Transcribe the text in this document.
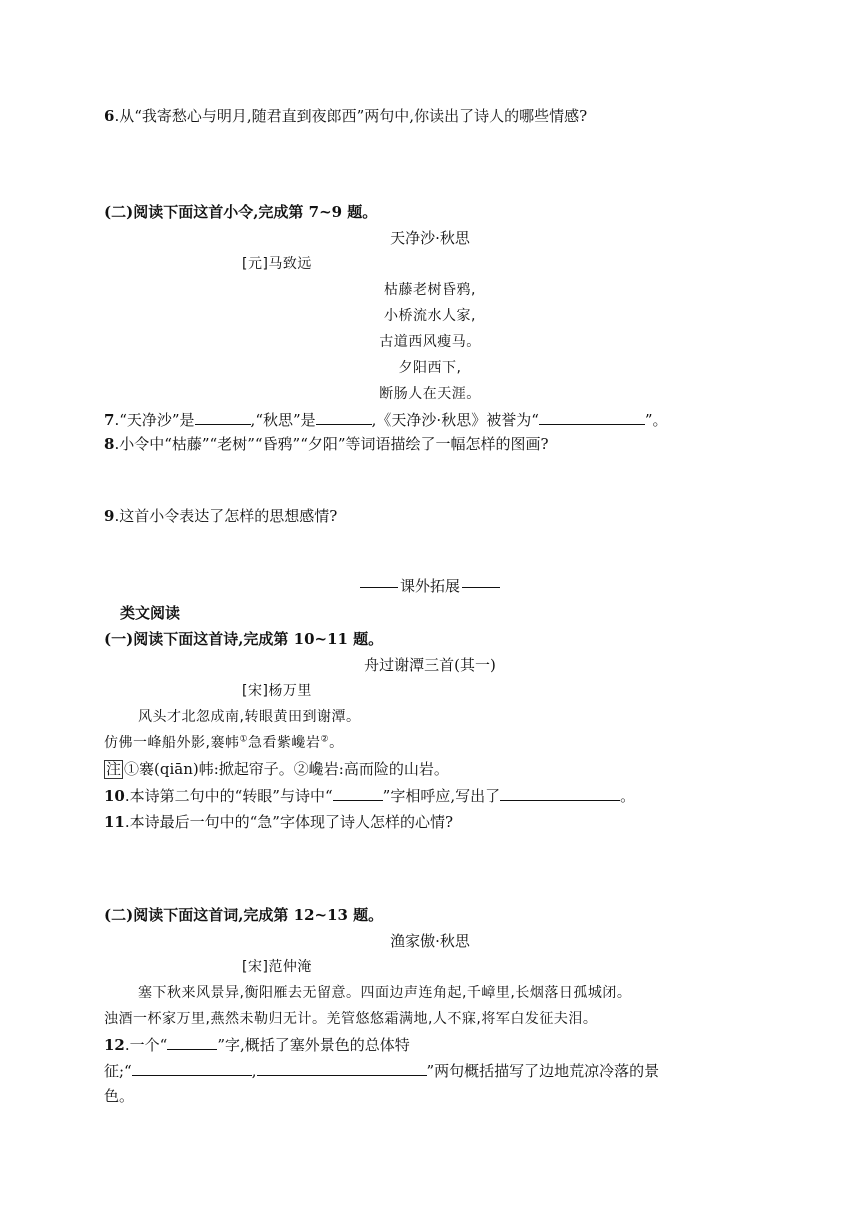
6.从“我寄愁心与明月,随君直到夜郎西”两句中,你读出了诗人的哪些情感?
(二)阅读下面这首小令,完成第 7~9 题。
天净沙·秋思
[元]马致远
枯藤老树昏鸦,
小桥流水人家,
古道西风瘦马。
夕阳西下,
断肠人在天涯。
7.“天净沙”是	,“秋思”是	,《天净沙·秋思》被誉为“	”。
8.小令中“枯藤”“老树”“昏鸦”“夕阳”等词语描绘了一幅怎样的图画?
9.这首小令表达了怎样的思想感情?
课外拓展
类文阅读
(一)阅读下面这首诗,完成第 10~11 题。
舟过谢潭三首(其一)
[宋]杨万里
风头才北忽成南,转眼黄田到谢潭。
仿佛一峰船外影,褰帏①急看紫巉岩②。
注 ①褰(qiān)帏:掀起帘子。②巉岩:高而险的山岩。
10.本诗第二句中的“转眼”与诗中“	”字相呼应,写出了	。
11.本诗最后一句中的“急”字体现了诗人怎样的心情?
(二)阅读下面这首词,完成第 12~13 题。
渔家傲·秋思
[宋]范仲淹
塞下秋来风景异,衡阳雁去无留意。四面边声连角起,千嶂里,长烟落日孤城闭。
浊酒一杯家万里,燕然未勒归无计。羌管悠悠霜满地,人不寐,将军白发征夫泪。
12.一个“	”字,概括了塞外景色的总体特
征;“	,	”两句概括描写了边地荒凉冷落的景
色。
